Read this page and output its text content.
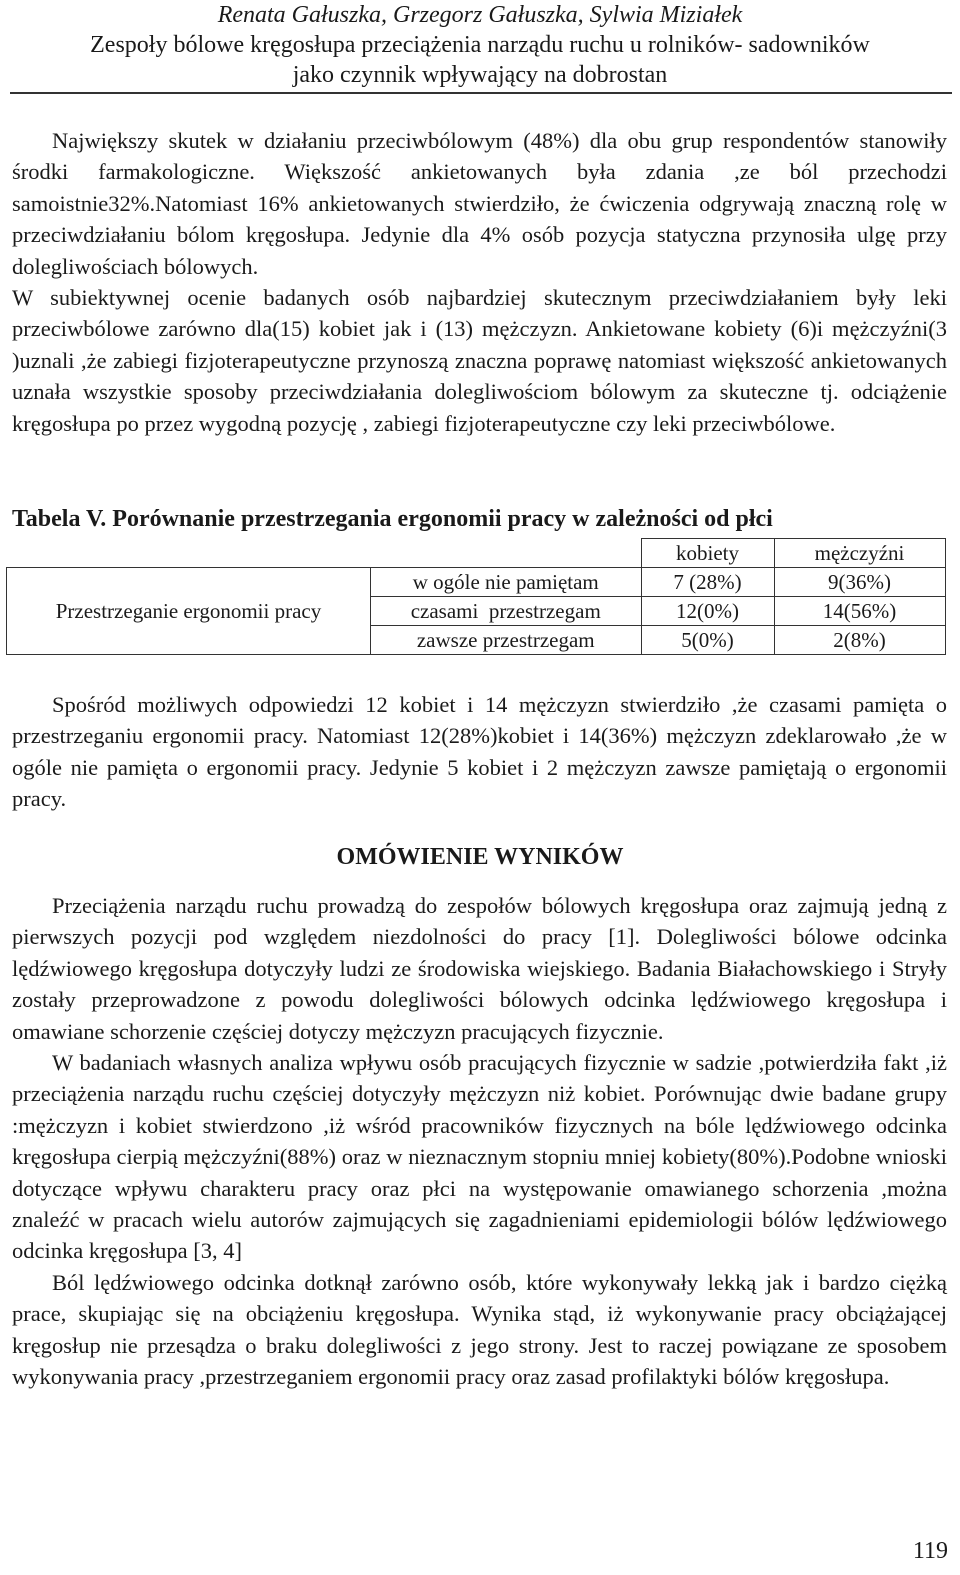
Renata Gałuszka, Grzegorz Gałuszka, Sylwia Miziałek
Zespoły bólowe kręgosłupa przeciążenia narządu ruchu u rolników- sadowników
jako czynnik wpływający na dobrostan

Największy skutek w działaniu przeciwbólowym (48%) dla obu grup respondentów stanowiły środki farmakologiczne. Większość ankietowanych była zdania ,ze ból przechodzi samoistnie32%.Natomiast 16% ankietowanych stwierdziło, że ćwiczenia odgrywają znaczną rolę w przeciwdziałaniu bólom kręgosłupa. Jedynie dla 4% osób pozycja statyczna przynosiła ulgę przy dolegliwościach bólowych.

W subiektywnej ocenie badanych osób najbardziej skutecznym przeciwdziałaniem były leki przeciwbólowe zarówno dla(15) kobiet jak i (13) mężczyzn. Ankietowane kobiety (6)i mężczyźni(3 )uznali ,że zabiegi fizjoterapeutyczne przynoszą znaczna poprawę natomiast większość ankietowanych uznała wszystkie sposoby przeciwdziałania dolegliwościom bólowym za skuteczne tj. odciążenie kręgosłupa po przez wygodną pozycję , zabiegi fizjoterapeutyczne czy leki przeciwbólowe.

Tabela V. Porównanie przestrzegania ergonomii pracy w zależności od płci
		kobiety	mężczyźni
Przestrzeganie ergonomii pracy	w ogóle nie pamiętam	7 (28%)	9(36%)
	czasami  przestrzegam	12(0%)	14(56%)
	zawsze przestrzegam	5(0%)	2(8%)

Spośród możliwych odpowiedzi 12 kobiet i 14 mężczyzn stwierdziło ,że czasami pamięta o przestrzeganiu ergonomii pracy. Natomiast 12(28%)kobiet i 14(36%) mężczyzn zdeklarowało ,że w ogóle nie pamięta o ergonomii pracy. Jedynie 5 kobiet i 2 mężczyzn zawsze pamiętają o ergonomii pracy.

OMÓWIENIE WYNIKÓW

Przeciążenia narządu ruchu prowadzą do zespołów bólowych kręgosłupa oraz zajmują jedną z pierwszych pozycji pod względem niezdolności do pracy [1]. Dolegliwości bólowe odcinka lędźwiowego kręgosłupa dotyczyły ludzi ze środowiska wiejskiego. Badania Białachowskiego i Stryły zostały przeprowadzone z powodu dolegliwości bólowych odcinka lędźwiowego kręgosłupa i omawiane schorzenie częściej dotyczy mężczyzn pracujących fizycznie.

W badaniach własnych analiza wpływu osób pracujących fizycznie w sadzie ,potwierdziła fakt ,iż przeciążenia narządu ruchu częściej dotyczyły mężczyzn niż kobiet. Porównując dwie badane grupy :mężczyzn i kobiet stwierdzono ,iż wśród pracowników fizycznych na bóle lędźwiowego odcinka kręgosłupa cierpią mężczyźni(88%) oraz w nieznacznym stopniu mniej kobiety(80%).Podobne wnioski dotyczące wpływu charakteru pracy oraz płci na występowanie omawianego schorzenia ,można znaleźć w pracach wielu autorów zajmujących się zagadnieniami epidemiologii bólów lędźwiowego odcinka kręgosłupa [3, 4]

Ból lędźwiowego odcinka dotknął zarówno osób, które wykonywały lekką jak i bardzo ciężką prace, skupiając się na obciążeniu kręgosłupa. Wynika stąd, iż wykonywanie pracy obciążającej kręgosłup nie przesądza o braku dolegliwości z jego strony. Jest to raczej powiązane ze sposobem wykonywania pracy ,przestrzeganiem ergonomii pracy oraz zasad profilaktyki bólów kręgosłupa.

119
